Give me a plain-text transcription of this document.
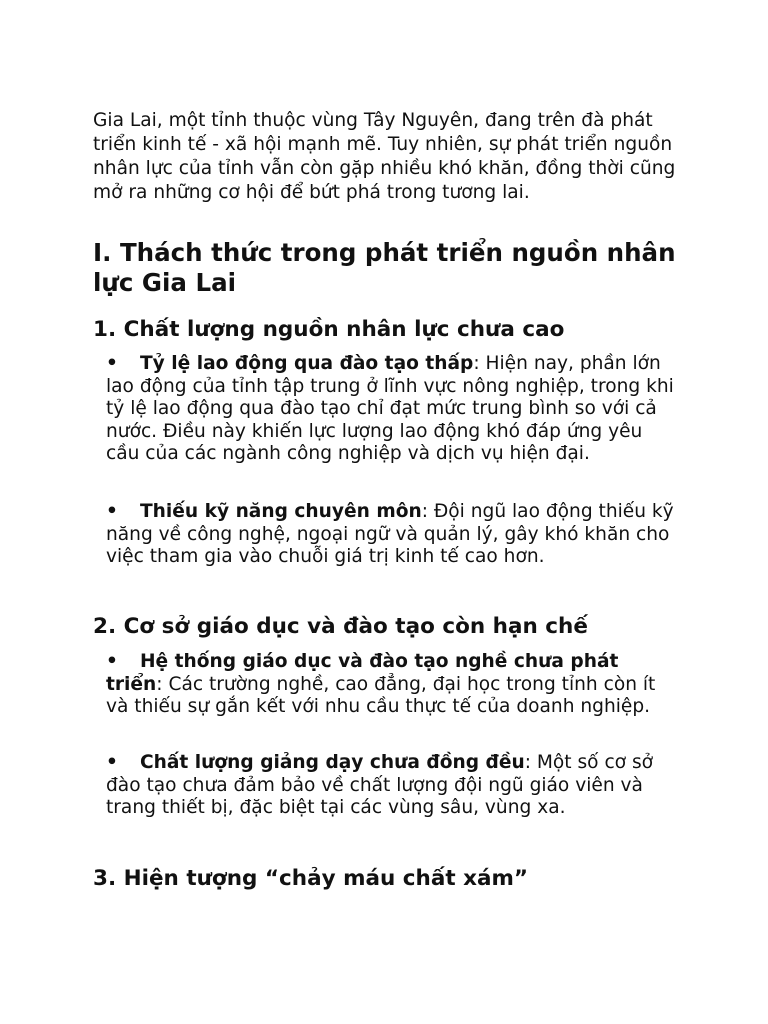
Gia Lai, một tỉnh thuộc vùng Tây Nguyên, đang trên đà phát triển kinh tế - xã hội mạnh mẽ. Tuy nhiên, sự phát triển nguồn nhân lực của tỉnh vẫn còn gặp nhiều khó khăn, đồng thời cũng mở ra những cơ hội để bứt phá trong tương lai.

I. Thách thức trong phát triển nguồn nhân lực Gia Lai
1. Chất lượng nguồn nhân lực chưa cao

• Tỷ lệ lao động qua đào tạo thấp: Hiện nay, phần lớn lao động của tỉnh tập trung ở lĩnh vực nông nghiệp, trong khi tỷ lệ lao động qua đào tạo chỉ đạt mức trung bình so với cả nước. Điều này khiến lực lượng lao động khó đáp ứng yêu cầu của các ngành công nghiệp và dịch vụ hiện đại.

• Thiếu kỹ năng chuyên môn: Đội ngũ lao động thiếu kỹ năng về công nghệ, ngoại ngữ và quản lý, gây khó khăn cho việc tham gia vào chuỗi giá trị kinh tế cao hơn.

2. Cơ sở giáo dục và đào tạo còn hạn chế

• Hệ thống giáo dục và đào tạo nghề chưa phát triển: Các trường nghề, cao đẳng, đại học trong tỉnh còn ít và thiếu sự gắn kết với nhu cầu thực tế của doanh nghiệp.

• Chất lượng giảng dạy chưa đồng đều: Một số cơ sở đào tạo chưa đảm bảo về chất lượng đội ngũ giáo viên và trang thiết bị, đặc biệt tại các vùng sâu, vùng xa.

3. Hiện tượng “chảy máu chất xám”
